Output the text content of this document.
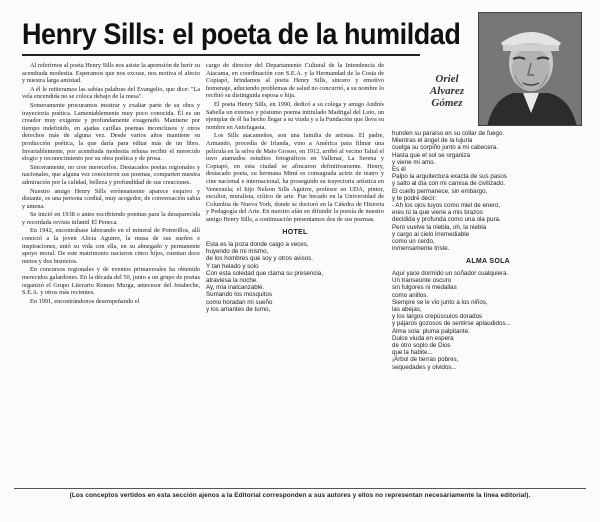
Henry Sills: el poeta de la humildad
Oriel
Alvarez
Gómez

Al referirnos al poeta Henry Sills nos asiste la aprensión de herir su acendrada modestia. Esperamos que nos excuse, nos motiva el afecto y nuestra larga amistad.

A él le retiteramos las sabias palabras del Evangelio, que dice: "La vela encendida no se coloca debajo de la mesa".

Someramente procuramos mostrar y exaltar parte de su obra y trayectoria poética. Lamentablemente muy poco conocida. Él es un creador muy exigente y profundamente exagerado. Mantiene por tiempo indefinido, en ajadas carillas poemas inconclusos y otros derechos más de alguna vez. Desde varios años mantiene su producción poética, la que daría para editar más de un libro. Invariablemente, por acendrada modestia rehusa recibir el merecido elogio y reconocimiento por su obra poética y de prosa.

Sinceramente, no cree merecerlos. Destacados poetas regionales y nacionales, que alguna vez conocieron sus poemas, comparten nuestra admiración por la calidad, belleza y profundidad de sus creaciones.

Nuestro amigo Henry Sills erróneamente aparece esquivo y distante, es una persona cordial, muy acogedor, de conversación sabia y amena.

Se inició en 1938 o antes escribiendo poemas para la desaparecida y recordada revista infantil El Peneca.

En 1942, encontrábase laborando en el mineral de Potrerillos, allí conoció a la joven Alicia Aguirre, la musa de sus sueños e inspiraciones, unió su vida con ella, en su abnegado y permanente apoyo moral. De este matrimonio nacieron cinco hijos, cuentan doce nietos y dos bisnietos.

En concursos regionales y de eventos primaverales ha obtenido merecidos galardones. En la década del 50, junto a un grupo de poetas organizó el Grupo Literario Romeo Murga, antecesor del Jotabeche, S.E.A. y otros más recientes.

En 1991, encontrándonos desempeñando el

cargo de director del Departamento Cultural de la Intendencia de Atacama, en coordinación con S.E.A. y la Hermandad de la Costa de Copiapó, brindamos al poeta Henry Sills, sincero y emotivo homenaje, aduciendo problemas de salud no concurrió, a su nombre lo recibió su distinguida esposa e hija.

El poeta Henry Sills, en 1990, dedicó a su colega y amigo Andrés Sabella un extenso y póstumo poema intitulado Madrigal del Luto, un ejemplar de él ha hecho llegar a su viuda y a la Fundación que lleva su nombre en Antofagasta.

Los Sills atacameños, son una familia de artistas. El padre, Armando, procedía de Irlanda, vino a América para filmar una película en la selva de Mato Grosso, en 1912, arribó al vecino Taltal el tuvo atamados estudios fotográficos en Vallenar, La Serena y Copiapó, en esta ciudad se afincaron definitivamente. Henry, destacado poeta, su hermana Mimí es consagrada actriz de teatro y cine nacional e internacional, ha proseguido su trayectoria artística en Venezuela; el hijo Nelson Sills Aguirre, profesor en UDA, pintor, escultor, muralista, crítico de arte. Fue becado en la Universidad de Columbia de Nueva York, donde se doctoró en la Cátedra de Historia y Pedagogía del Arte. En nuestro afán en difundir la poesía de nuestro amigo Henry Sills, a continuación presentamos dos de sus poemas.

HOTEL
Esta es la poza donde caigo a veces,
huyendo de mi mismo,
de los hombres que soy y otros avisos.
Y tan helado y solo
Con esta soledad que clama su presencia,
atraviesa la noche.
Ay, mía inalcanzable.
Sumando los mosquitos
como horadan mi sueño
y los amantes de turno,
hunden su paraíso en su collar de fuego.
Mientras el ángel de la lujuria
cuelga su corpiño junto a mi cabecera.
Hasta que el sol se organiza
y viene mi amo.
Es él
Palpo la arquitectura exacta de sus pasos
y salto al día con mi camisa de civilizado.
El cuello permanece, sin embargo,
y te podré decir:
- Ah los ojos tuyos como miel de enero,
eres tú la que viene a mis brazos
decidida y profunda como una ola pura.
Pero vuelve la niebla, oh, la niebla
y cargo al cielo irremediable
como un cerdo,
inmensamente triste.
ALMA SOLA
Aquí yace dormido un soñador cualquiera.
Un transeúnte oscuro
sin fulgores ni medallas
como anillos.
Siempre se le vio junto a los niños,
las abejas;
y los largos crepúsculos dorados
y pájaros gozosos de sentirse aplaudidos...
Alma sola: pluma palpitante.
Dulce viuda en espera
de otro soplo de Dios
que la habite...
¡Árbol de tierras pobres,
sequedades y olvidos...
(Los conceptos vertidos en esta sección ajenos a la Editorial corresponden a sus autores y ellos no representan necesariamente la línea editorial).
